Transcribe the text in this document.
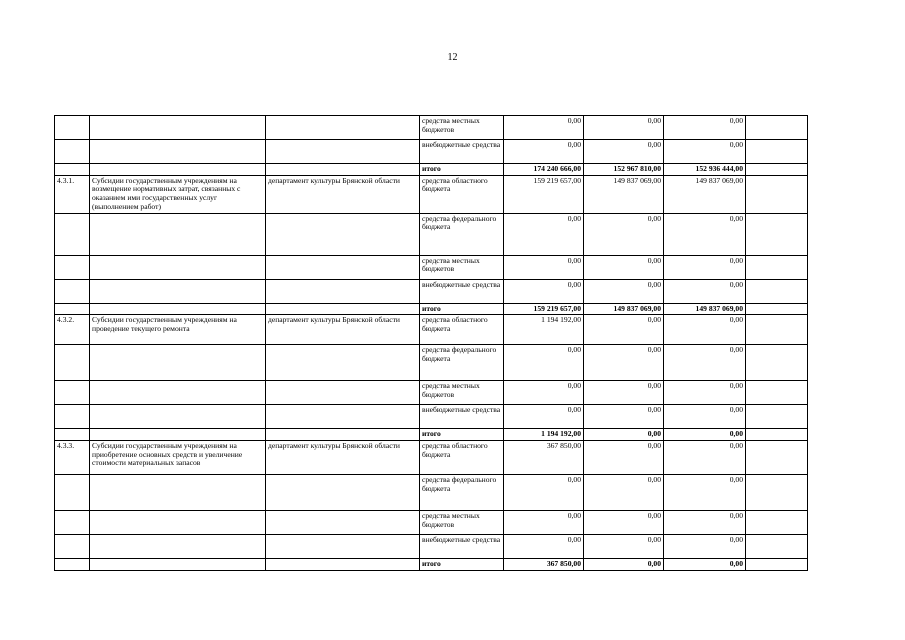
12
			средства местных бюджетов	0,00	0,00	0,00	
			внебюджетные средства	0,00	0,00	0,00	
			итого	174 240 666,00	152 967 810,00	152 936 444,00	
4.3.1.	Субсидии государственным учреждениям на возмещение нормативных затрат, связанных с оказанием ими государственных услуг (выполнением работ)	департамент культуры Брянской области	средства областного бюджета	159 219 657,00	149 837 069,00	149 837 069,00	
			средства федерального бюджета	0,00	0,00	0,00	
			средства местных бюджетов	0,00	0,00	0,00	
			внебюджетные средства	0,00	0,00	0,00	
			итого	159 219 657,00	149 837 069,00	149 837 069,00	
4.3.2.	Субсидии государственным учреждениям на проведение текущего ремонта	департамент культуры Брянской области	средства областного бюджета	1 194 192,00	0,00	0,00	
			средства федерального бюджета	0,00	0,00	0,00	
			средства местных бюджетов	0,00	0,00	0,00	
			внебюджетные средства	0,00	0,00	0,00	
			итого	1 194 192,00	0,00	0,00	
4.3.3.	Субсидии государственным учреждениям на приобретение основных средств и увеличение стоимости материальных запасов	департамент культуры Брянской области	средства областного бюджета	367 850,00	0,00	0,00	
			средства федерального бюджета	0,00	0,00	0,00	
			средства местных бюджетов	0,00	0,00	0,00	
			внебюджетные средства	0,00	0,00	0,00	
			итого	367 850,00	0,00	0,00	
